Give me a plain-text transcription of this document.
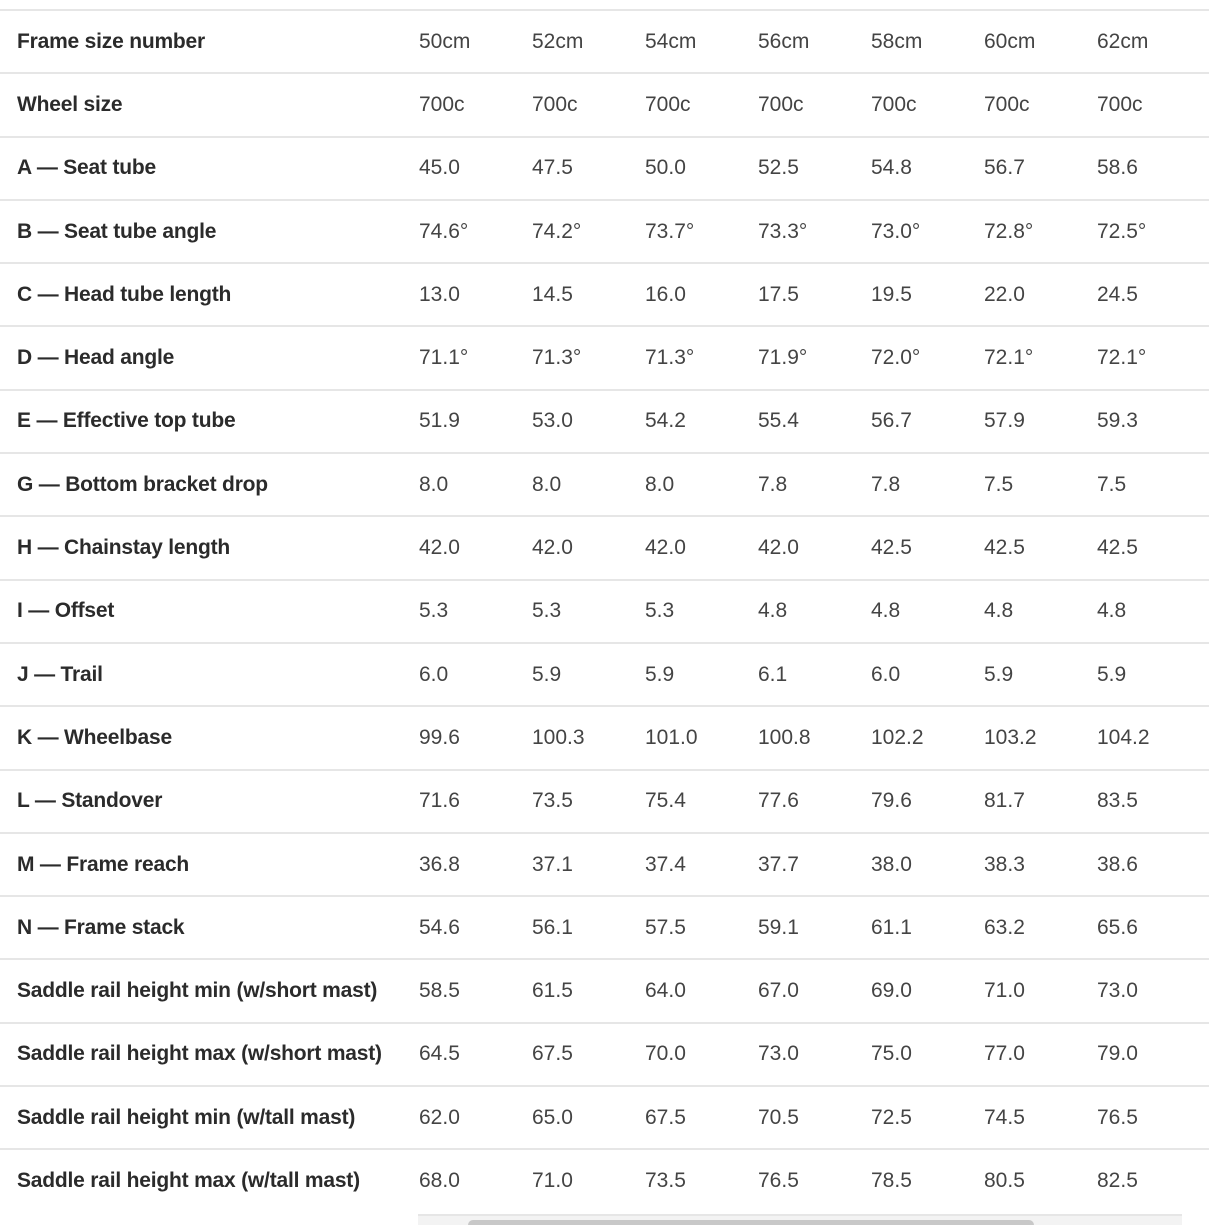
Frame size number	50cm	52cm	54cm	56cm	58cm	60cm	62cm
Wheel size	700c	700c	700c	700c	700c	700c	700c
A — Seat tube	45.0	47.5	50.0	52.5	54.8	56.7	58.6
B — Seat tube angle	74.6°	74.2°	73.7°	73.3°	73.0°	72.8°	72.5°
C — Head tube length	13.0	14.5	16.0	17.5	19.5	22.0	24.5
D — Head angle	71.1°	71.3°	71.3°	71.9°	72.0°	72.1°	72.1°
E — Effective top tube	51.9	53.0	54.2	55.4	56.7	57.9	59.3
G — Bottom bracket drop	8.0	8.0	8.0	7.8	7.8	7.5	7.5
H — Chainstay length	42.0	42.0	42.0	42.0	42.5	42.5	42.5
I — Offset	5.3	5.3	5.3	4.8	4.8	4.8	4.8
J — Trail	6.0	5.9	5.9	6.1	6.0	5.9	5.9
K — Wheelbase	99.6	100.3	101.0	100.8	102.2	103.2	104.2
L — Standover	71.6	73.5	75.4	77.6	79.6	81.7	83.5
M — Frame reach	36.8	37.1	37.4	37.7	38.0	38.3	38.6
N — Frame stack	54.6	56.1	57.5	59.1	61.1	63.2	65.6
Saddle rail height min (w/short mast)	58.5	61.5	64.0	67.0	69.0	71.0	73.0
Saddle rail height max (w/short mast)	64.5	67.5	70.0	73.0	75.0	77.0	79.0
Saddle rail height min (w/tall mast)	62.0	65.0	67.5	70.5	72.5	74.5	76.5
Saddle rail height max (w/tall mast)	68.0	71.0	73.5	76.5	78.5	80.5	82.5
